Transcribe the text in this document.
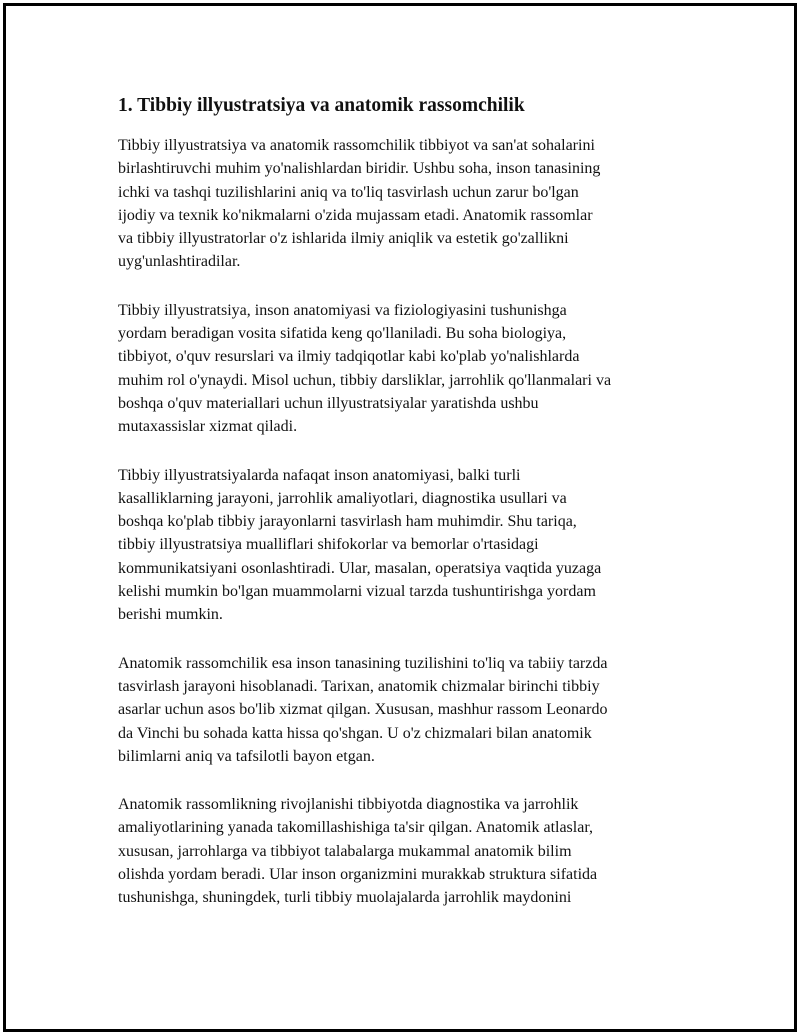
1. Tibbiy illyustratsiya va anatomik rassomchilik
Tibbiy illyustratsiya va anatomik rassomchilik tibbiyot va san'at sohalarini
birlashtiruvchi muhim yo'nalishlardan biridir. Ushbu soha, inson tanasining
ichki va tashqi tuzilishlarini aniq va to'liq tasvirlash uchun zarur bo'lgan
ijodiy va texnik ko'nikmalarni o'zida mujassam etadi. Anatomik rassomlar
va tibbiy illyustratorlar o'z ishlarida ilmiy aniqlik va estetik go'zallikni
uyg'unlashtiradilar.
Tibbiy illyustratsiya, inson anatomiyasi va fiziologiyasini tushunishga
yordam beradigan vosita sifatida keng qo'llaniladi. Bu soha biologiya,
tibbiyot, o'quv resurslari va ilmiy tadqiqotlar kabi ko'plab yo'nalishlarda
muhim rol o'ynaydi. Misol uchun, tibbiy darsliklar, jarrohlik qo'llanmalari va
boshqa o'quv materiallari uchun illyustratsiyalar yaratishda ushbu
mutaxassislar xizmat qiladi.
Tibbiy illyustratsiyalarda nafaqat inson anatomiyasi, balki turli
kasalliklarning jarayoni, jarrohlik amaliyotlari, diagnostika usullari va
boshqa ko'plab tibbiy jarayonlarni tasvirlash ham muhimdir. Shu tariqa,
tibbiy illyustratsiya mualliflari shifokorlar va bemorlar o'rtasidagi
kommunikatsiyani osonlashtiradi. Ular, masalan, operatsiya vaqtida yuzaga
kelishi mumkin bo'lgan muammolarni vizual tarzda tushuntirishga yordam
berishi mumkin.
Anatomik rassomchilik esa inson tanasining tuzilishini to'liq va tabiiy tarzda
tasvirlash jarayoni hisoblanadi. Tarixan, anatomik chizmalar birinchi tibbiy
asarlar uchun asos bo'lib xizmat qilgan. Xususan, mashhur rassom Leonardo
da Vinchi bu sohada katta hissa qo'shgan. U o'z chizmalari bilan anatomik
bilimlarni aniq va tafsilotli bayon etgan.
Anatomik rassomlikning rivojlanishi tibbiyotda diagnostika va jarrohlik
amaliyotlarining yanada takomillashishiga ta'sir qilgan. Anatomik atlaslar,
xususan, jarrohlarga va tibbiyot talabalarga mukammal anatomik bilim
olishda yordam beradi. Ular inson organizmini murakkab struktura sifatida
tushunishga, shuningdek, turli tibbiy muolajalarda jarrohlik maydonini
